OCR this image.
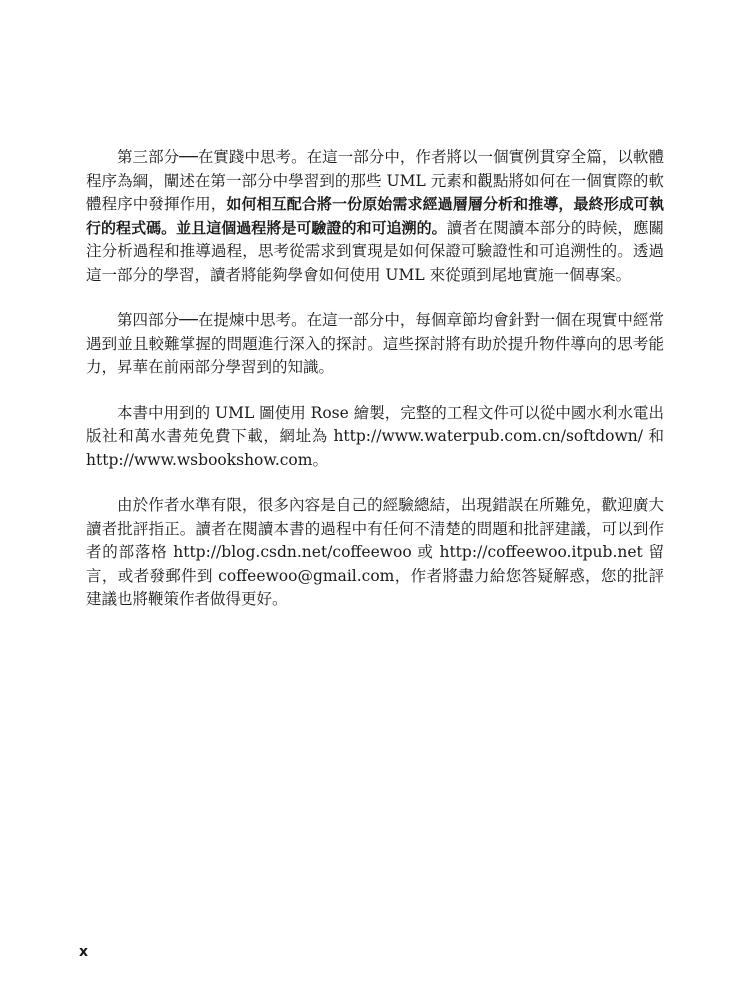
第三部分──在實踐中思考。在這一部分中，作者將以一個實例貫穿全篇，以軟體程序為綱，闡述在第一部分中學習到的那些 UML 元素和觀點將如何在一個實際的軟體程序中發揮作用，如何相互配合將一份原始需求經過層層分析和推導，最終形成可執行的程式碼。並且這個過程將是可驗證的和可追溯的。讀者在閱讀本部分的時候，應關注分析過程和推導過程，思考從需求到實現是如何保證可驗證性和可追溯性的。透過這一部分的學習，讀者將能夠學會如何使用 UML 來從頭到尾地實施一個專案。

第四部分──在提煉中思考。在這一部分中，每個章節均會針對一個在現實中經常遇到並且較難掌握的問題進行深入的探討。這些探討將有助於提升物件導向的思考能力，昇華在前兩部分學習到的知識。

本書中用到的 UML 圖使用 Rose 繪製，完整的工程文件可以從中國水利水電出版社和萬水書苑免費下載，網址為 http://www.waterpub.com.cn/softdown/ 和 http://www.wsbookshow.com。

由於作者水準有限，很多內容是自己的經驗總結，出現錯誤在所難免，歡迎廣大讀者批評指正。讀者在閱讀本書的過程中有任何不清楚的問題和批評建議，可以到作者的部落格 http://blog.csdn.net/coffeewoo 或 http://coffeewoo.itpub.net 留言，或者發郵件到 coffeewoo@gmail.com，作者將盡力給您答疑解惑，您的批評建議也將鞭策作者做得更好。

x
